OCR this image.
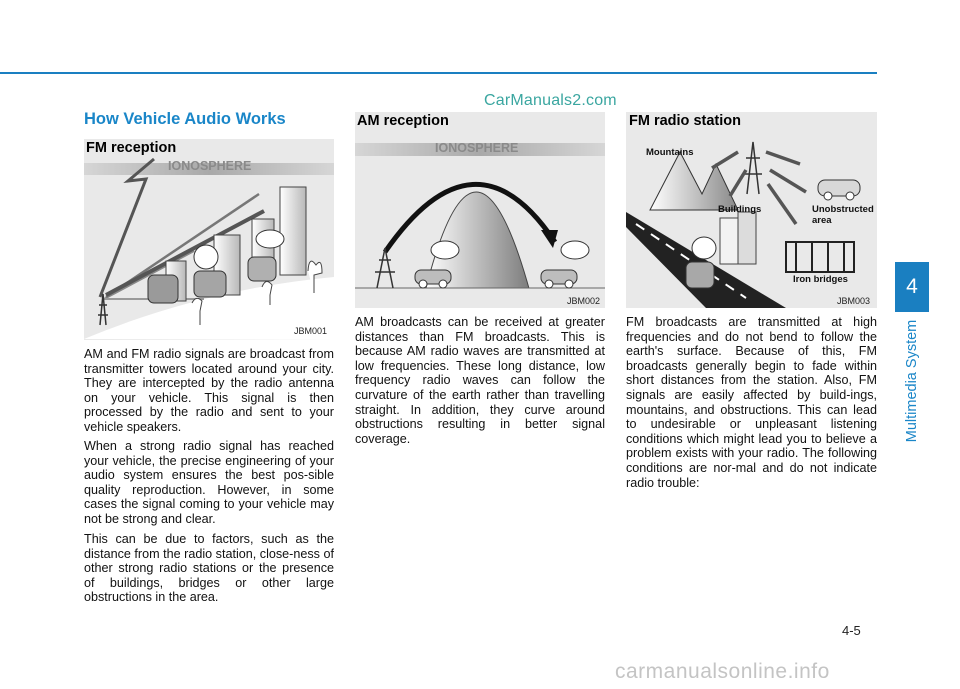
CarManuals2.com
How Vehicle Audio Works
FM reception
IONOSPHERE
JBM001
AM reception
IONOSPHERE
JBM002
FM radio station
Mountains
Buildings	Unobstructed
area
Iron bridges
JBM003

AM and FM radio signals are broadcast from transmitter towers located around your city. They are intercepted by the radio antenna on your vehicle. This signal is then processed by the radio and sent to your vehicle speakers.

When a strong radio signal has reached your vehicle, the precise engineering of your audio system ensures the best pos-sible quality reproduction. However, in some cases the signal coming to your vehicle may not be strong and clear.

This can be due to factors, such as the distance from the radio station, close-ness of other strong radio stations or the presence of buildings, bridges or other large obstructions in the area.

AM broadcasts can be received at greater distances than FM broadcasts. This is because AM radio waves are transmitted at low frequencies. These long distance, low frequency radio waves can follow the curvature of the earth rather than travelling straight. In addition, they curve around obstructions resulting in better signal coverage.

FM broadcasts are transmitted at high frequencies and do not bend to follow the earth's surface. Because of this, FM broadcasts generally begin to fade within short distances from the station. Also, FM signals are easily affected by build-ings, mountains, and obstructions. This can lead to undesirable or unpleasant listening conditions which might lead you to believe a problem exists with your radio. The following conditions are nor-mal and do not indicate radio trouble:

4
Multimedia System
4-5
carmanualsonline.info
